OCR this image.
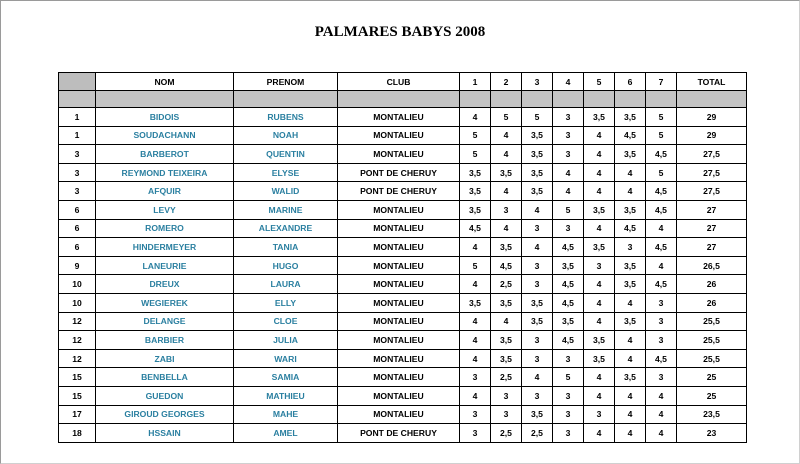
PALMARES BABYS 2008
	NOM	PRENOM	CLUB	1	2	3	4	5	6	7	TOTAL

1	BIDOIS	RUBENS	MONTALIEU	4	5	5	3	3,5	3,5	5	29
1	SOUDACHANN	NOAH	MONTALIEU	5	4	3,5	3	4	4,5	5	29
3	BARBEROT	QUENTIN	MONTALIEU	5	4	3,5	3	4	3,5	4,5	27,5
3	REYMOND TEIXEIRA	ELYSE	PONT DE CHERUY	3,5	3,5	3,5	4	4	4	5	27,5
3	AFQUIR	WALID	PONT DE CHERUY	3,5	4	3,5	4	4	4	4,5	27,5
6	LEVY	MARINE	MONTALIEU	3,5	3	4	5	3,5	3,5	4,5	27
6	ROMERO	ALEXANDRE	MONTALIEU	4,5	4	3	3	4	4,5	4	27
6	HINDERMEYER	TANIA	MONTALIEU	4	3,5	4	4,5	3,5	3	4,5	27
9	LANEURIE	HUGO	MONTALIEU	5	4,5	3	3,5	3	3,5	4	26,5
10	DREUX	LAURA	MONTALIEU	4	2,5	3	4,5	4	3,5	4,5	26
10	WEGIEREK	ELLY	MONTALIEU	3,5	3,5	3,5	4,5	4	4	3	26
12	DELANGE	CLOE	MONTALIEU	4	4	3,5	3,5	4	3,5	3	25,5
12	BARBIER	JULIA	MONTALIEU	4	3,5	3	4,5	3,5	4	3	25,5
12	ZABI	WARI	MONTALIEU	4	3,5	3	3	3,5	4	4,5	25,5
15	BENBELLA	SAMIA	MONTALIEU	3	2,5	4	5	4	3,5	3	25
15	GUEDON	MATHIEU	MONTALIEU	4	3	3	3	4	4	4	25
17	GIROUD GEORGES	MAHE	MONTALIEU	3	3	3,5	3	3	4	4	23,5
18	HSSAIN	AMEL	PONT DE CHERUY	3	2,5	2,5	3	4	4	4	23
